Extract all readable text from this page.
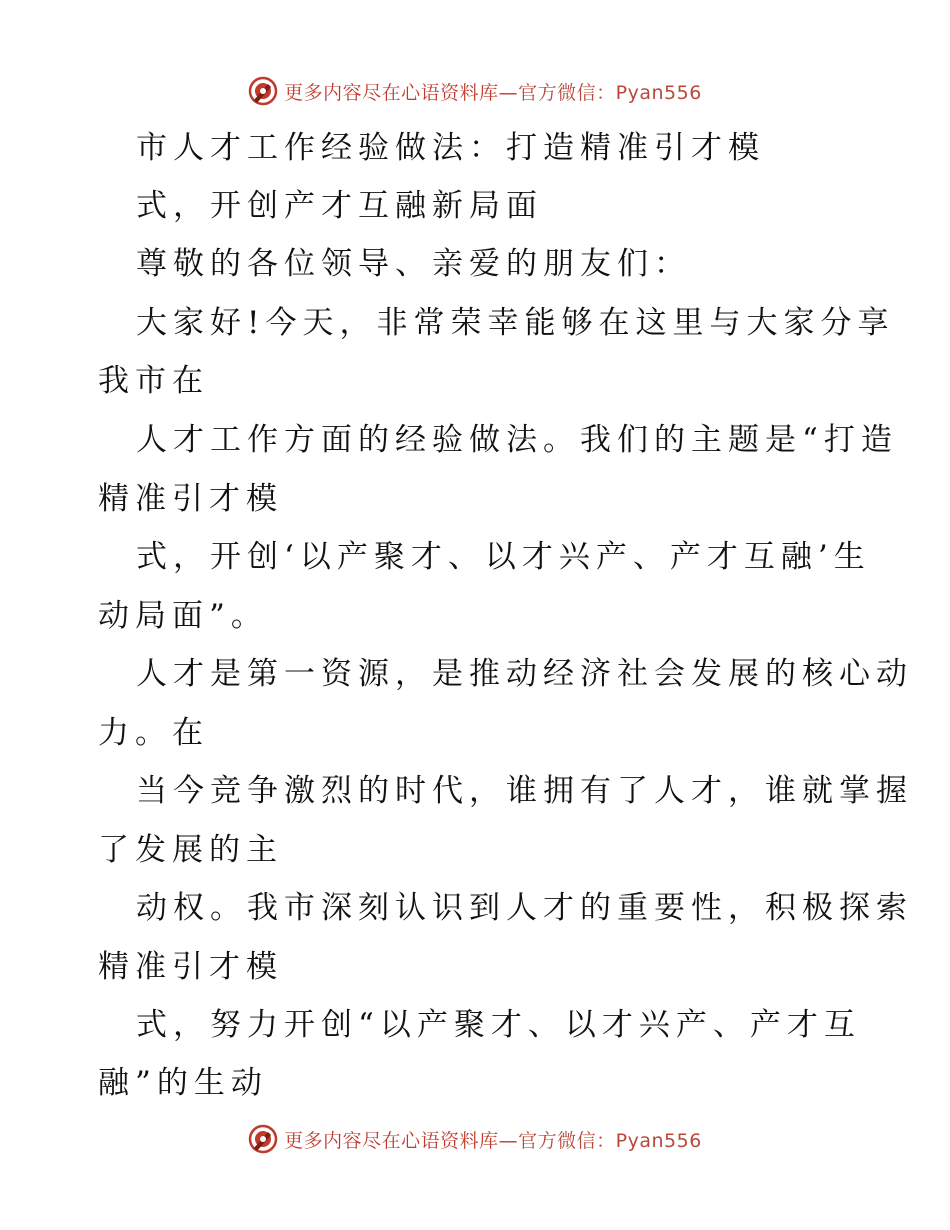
更多内容尽在心语资料库—官方微信：Pyan556
市人才工作经验做法：打造精准引才模
式，开创产才互融新局面
尊敬的各位领导、亲爱的朋友们：
大家好!今天，非常荣幸能够在这里与大家分享
我市在
人才工作方面的经验做法。我们的主题是“打造
精准引才模
式，开创‘以产聚才、以才兴产、产才互融’生
动局面”。
人才是第一资源，是推动经济社会发展的核心动
力。在
当今竞争激烈的时代，谁拥有了人才，谁就掌握
了发展的主
动权。我市深刻认识到人才的重要性，积极探索
精准引才模
式，努力开创“以产聚才、以才兴产、产才互
融”的生动
更多内容尽在心语资料库—官方微信：Pyan556
